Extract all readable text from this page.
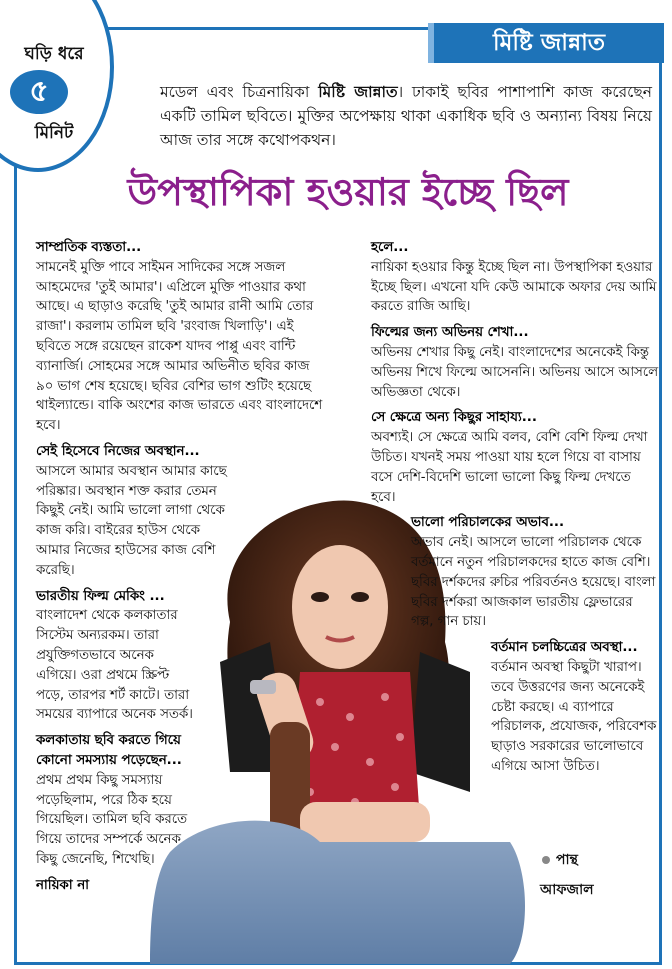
মিষ্টি জান্নাত
ঘড়ি ধরে
৫
মিনিট
মডেল এবং চিত্রনায়িকা মিষ্টি জান্নাত। ঢাকাই ছবির পাশাপাশি কাজ করেছেন একটি তামিল ছবিতে। মুক্তির অপেক্ষায় থাকা একাধিক ছবি ও অন্যান্য বিষয় নিয়ে আজ তার সঙ্গে কথোপকথন।
উপস্থাপিকা হওয়ার ইচ্ছে ছিল

সাম্প্রতিক ব্যস্ততা...
সামনেই মুক্তি পাবে সাইমন সাদিকের সঙ্গে সজল আহমেদের 'তুই আমার'। এপ্রিলে মুক্তি পাওয়ার কথা আছে। এ ছাড়াও করেছি 'তুই আমার রানী আমি তোর রাজা'। করলাম তামিল ছবি 'রংবাজ খিলাড়ি'। এই ছবিতে সঙ্গে রয়েছেন রাকেশ যাদব পাপ্পু এবং বান্টি ব্যানার্জি। সোহমের সঙ্গে আমার অভিনীত ছবির কাজ ৯০ ভাগ শেষ হয়েছে। ছবির বেশির ভাগ শুটিং হয়েছে থাইল্যান্ডে। বাকি অংশের কাজ ভারতে এবং বাংলাদেশে হবে।

সেই হিসেবে নিজের অবস্থান...
আসলে আমার অবস্থান আমার কাছে পরিষ্কার। অবস্থান শক্ত করার তেমন কিছুই নেই। আমি ভালো লাগা থেকে কাজ করি। বাইরের হাউস থেকে আমার নিজের হাউসের কাজ বেশি করেছি।

ভারতীয় ফিল্ম মেকিং ...
বাংলাদেশ থেকে কলকাতার সিস্টেম অন্যরকম। তারা প্রযুক্তিগতভাবে অনেক এগিয়ে। ওরা প্রথমে স্ক্রিপ্ট পড়ে, তারপর শর্ট কাটে। তারা সময়ের ব্যাপারে অনেক সতর্ক।

কলকাতায় ছবি করতে গিয়ে কোনো সমস্যায় পড়েছেন...
প্রথম প্রথম কিছু সমস্যায় পড়েছিলাম, পরে ঠিক হয়ে গিয়েছিল। তামিল ছবি করতে গিয়ে তাদের সম্পর্কে অনেক কিছু জেনেছি, শিখেছি।

নায়িকা না

হলে...
নায়িকা হওয়ার কিন্তু ইচ্ছে ছিল না। উপস্থাপিকা হওয়ার ইচ্ছে ছিল। এখনো যদি কেউ আমাকে অফার দেয় আমি করতে রাজি আছি।

ফিল্মের জন্য অভিনয় শেখা...
অভিনয় শেখার কিছু নেই। বাংলাদেশের অনেকেই কিন্তু অভিনয় শিখে ফিল্মে আসেননি। অভিনয় আসে আসলে অভিজ্ঞতা থেকে।

সে ক্ষেত্রে অন্য কিছুর সাহায্য...
অবশ্যই। সে ক্ষেত্রে আমি বলব, বেশি বেশি ফিল্ম দেখা উচিত। যখনই সময় পাওয়া যায় হলে গিয়ে বা বাসায় বসে দেশি-বিদেশি ভালো ভালো কিছু ফিল্ম দেখতে হবে।

ভালো পরিচালকের অভাব...
অভাব নেই। আসলে ভালো পরিচালক থেকে বর্তমানে নতুন পরিচালকদের হাতে কাজ বেশি। ছবির দর্শকদের রুচির পরিবর্তনও হয়েছে। বাংলা ছবির দর্শকরা আজকাল ভারতীয় ফ্লেভারের গল্প, গান চায়।

বর্তমান চলচ্চিত্রের অবস্থা...
বর্তমান অবস্থা কিছুটা খারাপ। তবে উত্তরণের জন্য অনেকেই চেষ্টা করছে। এ ব্যাপারে পরিচালক, প্রযোজক, পরিবেশক ছাড়াও সরকারের ভালোভাবে এগিয়ে আসা উচিত।

পান্থ
আফজাল
